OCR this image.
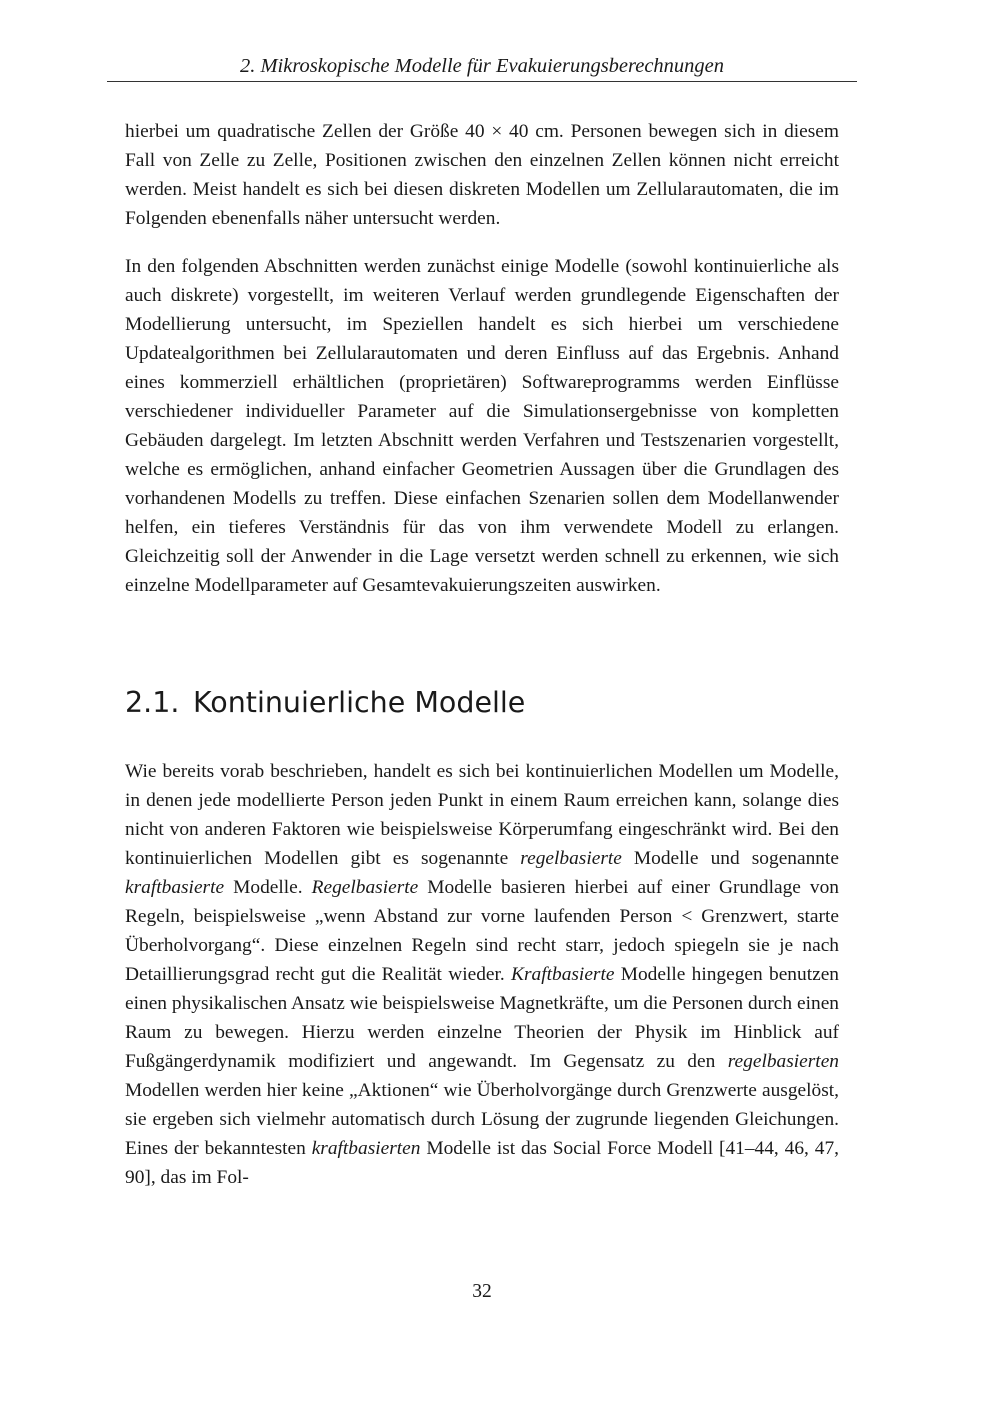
2. Mikroskopische Modelle für Evakuierungsberechnungen

hierbei um quadratische Zellen der Größe 40 × 40 cm. Personen bewegen sich in diesem Fall von Zelle zu Zelle, Positionen zwischen den einzelnen Zellen können nicht erreicht werden. Meist handelt es sich bei diesen diskreten Modellen um Zellularautomaten, die im Folgenden ebenenfalls näher untersucht werden.

In den folgenden Abschnitten werden zunächst einige Modelle (sowohl kontinuierliche als auch diskrete) vorgestellt, im weiteren Verlauf werden grundlegende Eigenschaften der Modellierung untersucht, im Speziellen handelt es sich hierbei um verschiedene Updatealgorithmen bei Zellularautomaten und deren Einfluss auf das Ergebnis. Anhand eines kommerziell erhältlichen (proprietären) Softwareprogramms werden Einflüsse verschiedener individueller Parameter auf die Simulationsergebnisse von kompletten Gebäuden dargelegt. Im letzten Abschnitt werden Verfahren und Testszenarien vorgestellt, welche es ermöglichen, anhand einfacher Geometrien Aussagen über die Grundlagen des vorhandenen Modells zu treffen. Diese einfachen Szenarien sollen dem Modellanwender helfen, ein tieferes Verständnis für das von ihm verwendete Modell zu erlangen. Gleichzeitig soll der Anwender in die Lage versetzt werden schnell zu erkennen, wie sich einzelne Modellparameter auf Gesamtevakuierungszeiten auswirken.

2.1. Kontinuierliche Modelle

Wie bereits vorab beschrieben, handelt es sich bei kontinuierlichen Modellen um Modelle, in denen jede modellierte Person jeden Punkt in einem Raum erreichen kann, solange dies nicht von anderen Faktoren wie beispielsweise Körperumfang eingeschränkt wird. Bei den kontinuierlichen Modellen gibt es sogenannte regelbasierte Modelle und sogenannte kraftbasierte Modelle. Regelbasierte Modelle basieren hierbei auf einer Grundlage von Regeln, beispielsweise „wenn Abstand zur vorne laufenden Person < Grenzwert, starte Überholvorgang“. Diese einzelnen Regeln sind recht starr, jedoch spiegeln sie je nach Detaillierungsgrad recht gut die Realität wieder. Kraftbasierte Modelle hingegen benutzen einen physikalischen Ansatz wie beispielsweise Magnetkräfte, um die Personen durch einen Raum zu bewegen. Hierzu werden einzelne Theorien der Physik im Hinblick auf Fußgängerdynamik modifiziert und angewandt. Im Gegensatz zu den regelbasierten Modellen werden hier keine „Aktionen“ wie Überholvorgänge durch Grenzwerte ausgelöst, sie ergeben sich vielmehr automatisch durch Lösung der zugrunde liegenden Gleichungen. Eines der bekanntesten kraftbasierten Modelle ist das Social Force Modell [41–44, 46, 47, 90], das im Fol-

32
